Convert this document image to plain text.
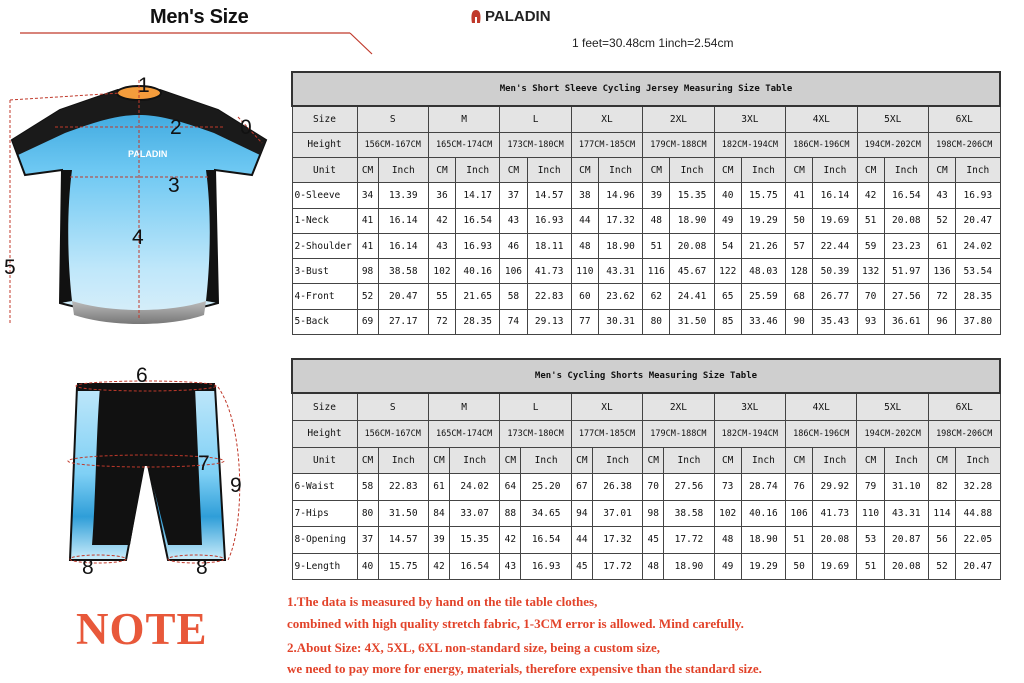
Men's Size	PALADIN
1 feet=30.48cm 1inch=2.54cm
PALADIN
1
2	0
3
4
5
6
7
9
8	8
Men's Short Sleeve Cycling Jersey Measuring Size Table																		
Size	S		M		L		XL		2XL		3XL		4XL		5XL		6XL	
Height	156CM-167CM		165CM-174CM		173CM-180CM		177CM-185CM		179CM-188CM		182CM-194CM		186CM-196CM		194CM-202CM		198CM-206CM	
Unit	CM	Inch	CM	Inch	CM	Inch	CM	Inch	CM	Inch	CM	Inch	CM	Inch	CM	Inch	CM	Inch
0-Sleeve	34	13.39	36	14.17	37	14.57	38	14.96	39	15.35	40	15.75	41	16.14	42	16.54	43	16.93
1-Neck	41	16.14	42	16.54	43	16.93	44	17.32	48	18.90	49	19.29	50	19.69	51	20.08	52	20.47
2-Shoulder	41	16.14	43	16.93	46	18.11	48	18.90	51	20.08	54	21.26	57	22.44	59	23.23	61	24.02
3-Bust	98	38.58	102	40.16	106	41.73	110	43.31	116	45.67	122	48.03	128	50.39	132	51.97	136	53.54
4-Front	52	20.47	55	21.65	58	22.83	60	23.62	62	24.41	65	25.59	68	26.77	70	27.56	72	28.35
5-Back	69	27.17	72	28.35	74	29.13	77	30.31	80	31.50	85	33.46	90	35.43	93	36.61	96	37.80
Men's Cycling Shorts Measuring Size Table																		
Size	S		M		L		XL		2XL		3XL		4XL		5XL		6XL	
Height	156CM-167CM		165CM-174CM		173CM-180CM		177CM-185CM		179CM-188CM		182CM-194CM		186CM-196CM		194CM-202CM		198CM-206CM	
Unit	CM	Inch	CM	Inch	CM	Inch	CM	Inch	CM	Inch	CM	Inch	CM	Inch	CM	Inch	CM	Inch
6-Waist	58	22.83	61	24.02	64	25.20	67	26.38	70	27.56	73	28.74	76	29.92	79	31.10	82	32.28
7-Hips	80	31.50	84	33.07	88	34.65	94	37.01	98	38.58	102	40.16	106	41.73	110	43.31	114	44.88
8-Opening	37	14.57	39	15.35	42	16.54	44	17.32	45	17.72	48	18.90	51	20.08	53	20.87	56	22.05
9-Length	40	15.75	42	16.54	43	16.93	45	17.72	48	18.90	49	19.29	50	19.69	51	20.08	52	20.47
NOTE
1.The data is measured by hand on the tile table clothes,
combined with high quality stretch fabric, 1-3CM error is allowed. Mind carefully.
2.About Size: 4X, 5XL, 6XL non-standard size, being a custom size,
we need to pay more for energy, materials, therefore expensive than the standard size.
